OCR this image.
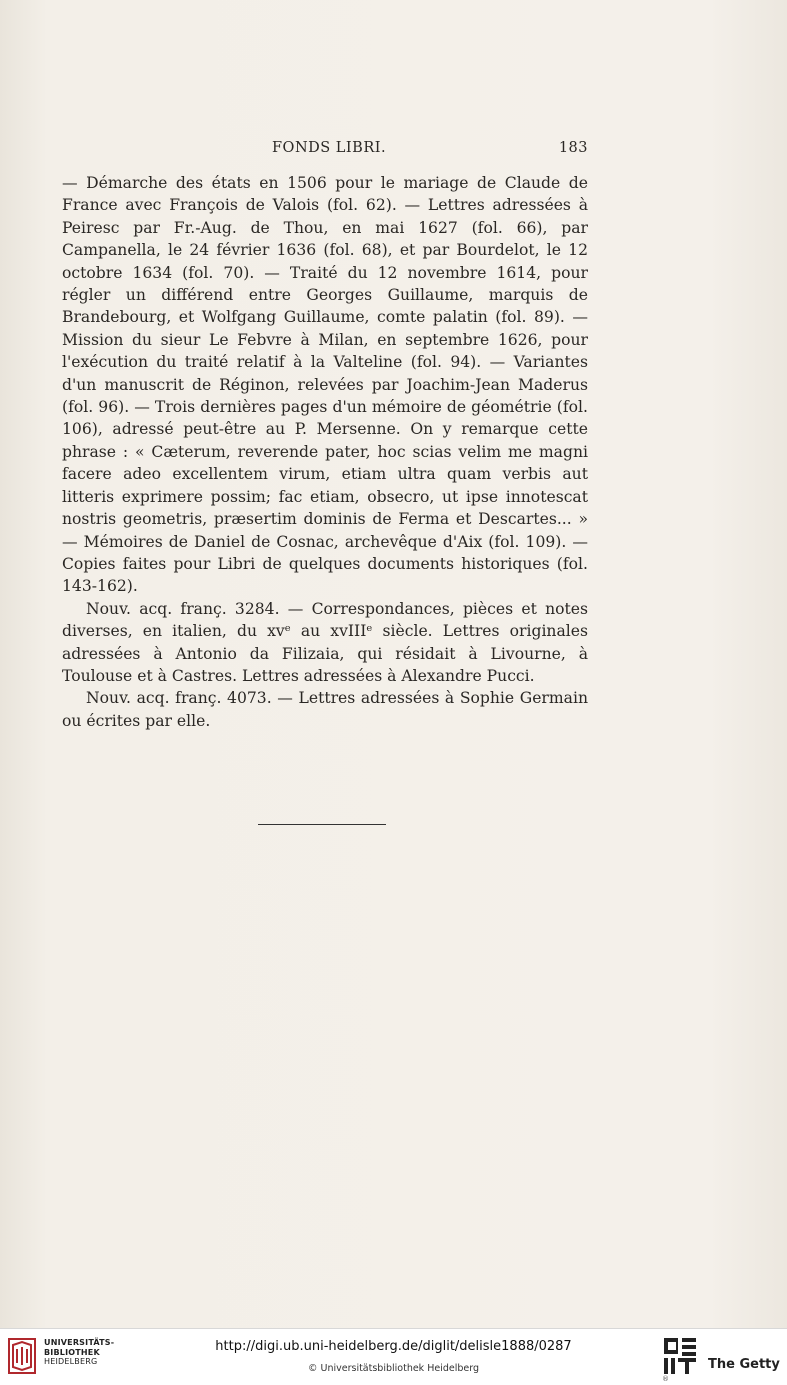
FONDS LIBRI.	183

— Démarche des états en 1506 pour le mariage de Claude de France avec François de Valois (fol. 62). — Lettres adressées à Peiresc par Fr.-Aug. de Thou, en mai 1627 (fol. 66), par Campanella, le 24 février 1636 (fol. 68), et par Bourdelot, le 12 octobre 1634 (fol. 70). — Traité du 12 novembre 1614, pour régler un différend entre Georges Guillaume, marquis de Brandebourg, et Wolfgang Guillaume, comte palatin (fol. 89). — Mission du sieur Le Febvre à Milan, en septembre 1626, pour l'exécution du traité relatif à la Valteline (fol. 94). — Variantes d'un manuscrit de Réginon, relevées par Joachim-Jean Maderus (fol. 96). — Trois dernières pages d'un mémoire de géométrie (fol. 106), adressé peut-être au P. Mersenne. On y remarque cette phrase : « Cæterum, reverende pater, hoc scias velim me magni facere adeo excellentem virum, etiam ultra quam verbis aut litteris exprimere possim; fac etiam, obsecro, ut ipse innotescat nostris geometris, præsertim dominis de Ferma et Descartes... » — Mémoires de Daniel de Cosnac, archevêque d'Aix (fol. 109). — Copies faites pour Libri de quelques documents historiques (fol. 143-162).

Nouv. acq. franç. 3284. — Correspondances, pièces et notes diverses, en italien, du xvᵉ au xvIIIᵉ siècle. Lettres originales adressées à Antonio da Filizaia, qui résidait à Livourne, à Toulouse et à Castres. Lettres adressées à Alexandre Pucci.

Nouv. acq. franç. 4073. — Lettres adressées à Sophie Germain ou écrites par elle.

UNIVERSITÄTS-
BIBLIOTHEK
HEIDELBERG
http://digi.ub.uni-heidelberg.de/diglit/delisle1888/0287
© Universitätsbibliothek Heidelberg
®
The Getty
